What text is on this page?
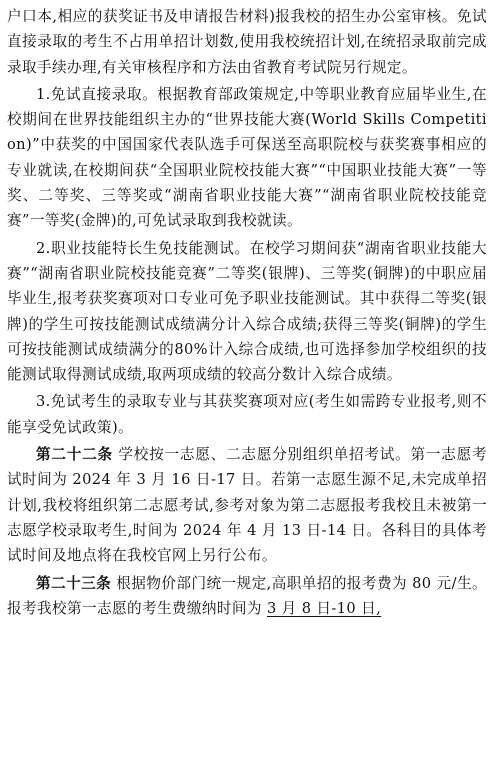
户口本,相应的获奖证书及申请报告材料)报我校的招生办公室审核。免试直接录取的考生不占用单招计划数,使用我校统招计划,在统招录取前完成录取手续办理,有关审核程序和方法由省教育考试院另行规定。

1.免试直接录取。根据教育部政策规定,中等职业教育应届毕业生,在校期间在世界技能组织主办的“世界技能大赛(World Skills Competition)”中获奖的中国国家代表队选手可保送至高职院校与获奖赛事相应的专业就读,在校期间获“全国职业院校技能大赛”“中国职业技能大赛”一等奖、二等奖、三等奖或“湖南省职业技能大赛”“湖南省职业院校技能竞赛”一等奖(金牌)的,可免试录取到我校就读。

2.职业技能特长生免技能测试。在校学习期间获“湖南省职业技能大赛”“湖南省职业院校技能竞赛”二等奖(银牌)、三等奖(铜牌)的中职应届毕业生,报考获奖赛项对口专业可免予职业技能测试。其中获得二等奖(银牌)的学生可按技能测试成绩满分计入综合成绩;获得三等奖(铜牌)的学生可按技能测试成绩满分的80%计入综合成绩,也可选择参加学校组织的技能测试取得测试成绩,取两项成绩的较高分数计入综合成绩。

3.免试考生的录取专业与其获奖赛项对应(考生如需跨专业报考,则不能享受免试政策)。

第二十二条 学校按一志愿、二志愿分别组织单招考试。第一志愿考试时间为 2024 年 3 月 16 日-17 日。若第一志愿生源不足,未完成单招计划,我校将组织第二志愿考试,参考对象为第二志愿报考我校且未被第一志愿学校录取考生,时间为 2024 年 4 月 13 日-14 日。各科目的具体考试时间及地点将在我校官网上另行公布。

第二十三条 根据物价部门统一规定,高职单招的报考费为 80 元/生。报考我校第一志愿的考生费缴纳时间为 3 月 8 日-10 日,
